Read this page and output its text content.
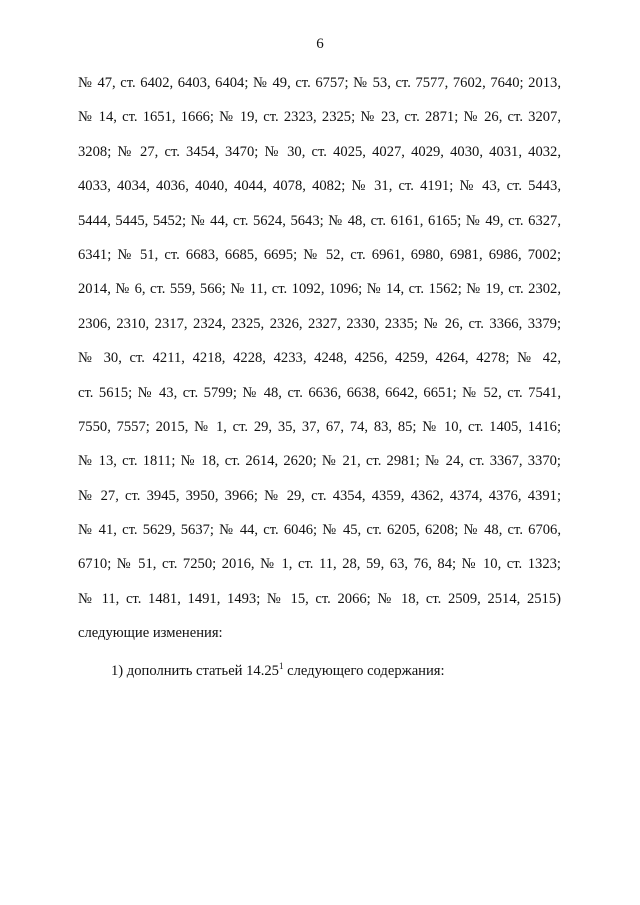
6
№ 47, ст. 6402, 6403, 6404; № 49, ст. 6757; № 53, ст. 7577, 7602, 7640; 2013,
№ 14, ст. 1651, 1666; № 19, ст. 2323, 2325; № 23, ст. 2871; № 26, ст. 3207,
3208; № 27, ст. 3454, 3470; № 30, ст. 4025, 4027, 4029, 4030, 4031, 4032,
4033, 4034, 4036, 4040, 4044, 4078, 4082; № 31, ст. 4191; № 43, ст. 5443,
5444, 5445, 5452; № 44, ст. 5624, 5643; № 48, ст. 6161, 6165; № 49, ст. 6327,
6341; № 51, ст. 6683, 6685, 6695; № 52, ст. 6961, 6980, 6981, 6986, 7002;
2014, № 6, ст. 559, 566; № 11, ст. 1092, 1096; № 14, ст. 1562; № 19, ст. 2302,
2306, 2310, 2317, 2324, 2325, 2326, 2327, 2330, 2335; № 26, ст. 3366, 3379;
№ 30, ст. 4211, 4218, 4228, 4233, 4248, 4256, 4259, 4264, 4278; № 42,
ст. 5615; № 43, ст. 5799; № 48, ст. 6636, 6638, 6642, 6651; № 52, ст. 7541,
7550, 7557; 2015, № 1, ст. 29, 35, 37, 67, 74, 83, 85; № 10, ст. 1405, 1416;
№ 13, ст. 1811; № 18, ст. 2614, 2620; № 21, ст. 2981; № 24, ст. 3367, 3370;
№ 27, ст. 3945, 3950, 3966; № 29, ст. 4354, 4359, 4362, 4374, 4376, 4391;
№ 41, ст. 5629, 5637; № 44, ст. 6046; № 45, ст. 6205, 6208; № 48, ст. 6706,
6710; № 51, ст. 7250; 2016, № 1, ст. 11, 28, 59, 63, 76, 84; № 10, ст. 1323;
№ 11, ст. 1481, 1491, 1493; № 15, ст. 2066; № 18, ст. 2509, 2514, 2515)
следующие изменения:
1) дополнить статьей 14.25$^1$ следующего содержания:
